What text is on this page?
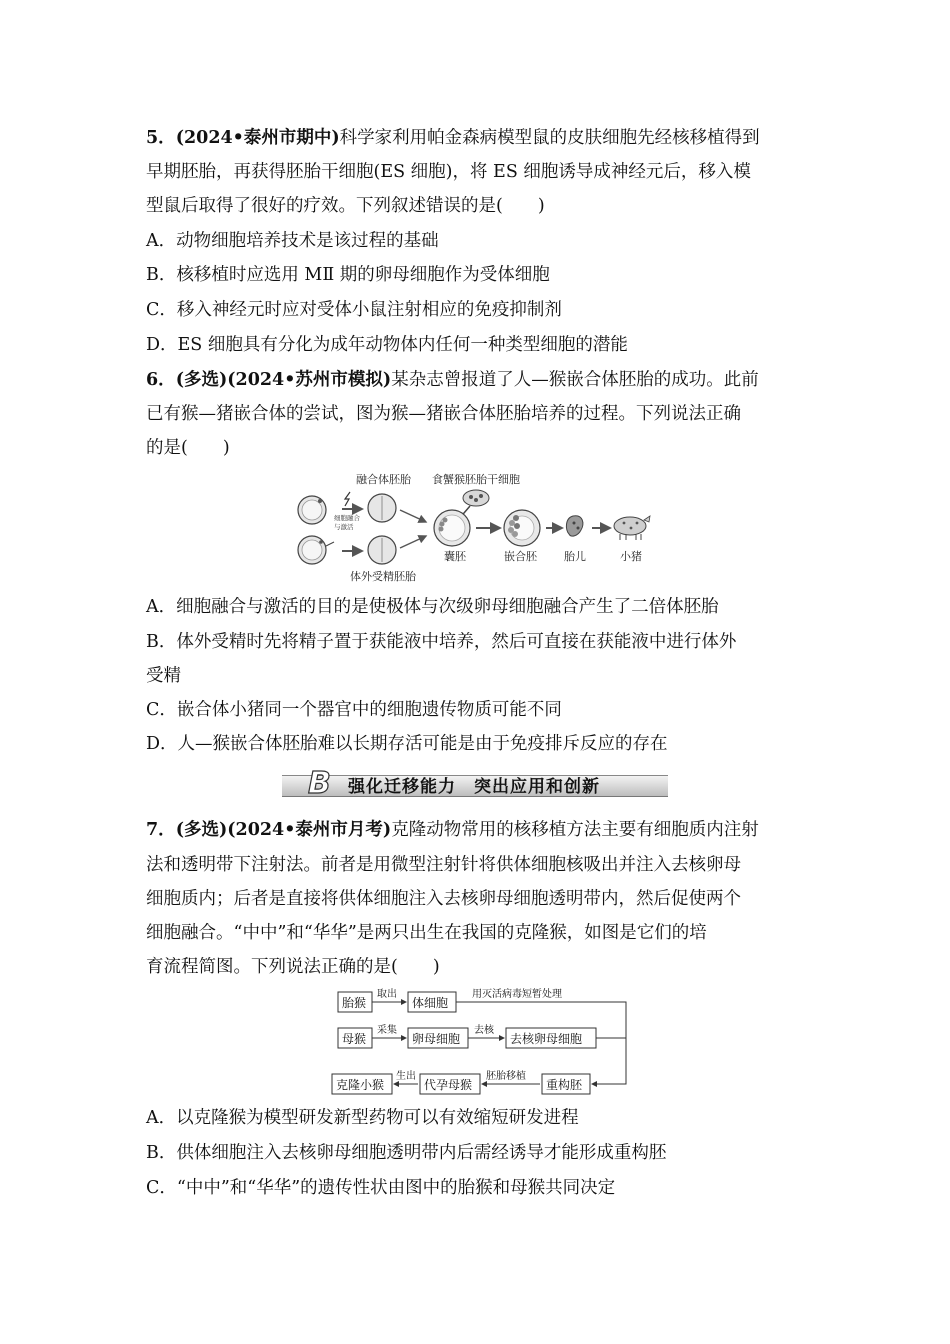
5．(2024•泰州市期中)科学家利用帕金森病模型鼠的皮肤细胞先经核移植得到
早期胚胎，再获得胚胎干细胞(ES 细胞)，将 ES 细胞诱导成神经元后，移入模
型鼠后取得了很好的疗效。下列叙述错误的是(　　)
A．动物细胞培养技术是该过程的基础
B．核移植时应选用 MⅡ 期的卵母细胞作为受体细胞
C．移入神经元时应对受体小鼠注射相应的免疫抑制剂
D．ES 细胞具有分化为成年动物体内任何一种类型细胞的潜能
6．(多选)(2024•苏州市模拟)某杂志曾报道了人—猴嵌合体胚胎的成功。此前
已有猴—猪嵌合体的尝试，图为猴—猪嵌合体胚胎培养的过程。下列说法正确
的是(　　)
细胞融合
与激活
融合体胚胎 食蟹猴胚胎干细胞
体外受精胚胎
囊胚	嵌合胚 胎儿	小猪
A．细胞融合与激活的目的是使极体与次级卵母细胞融合产生了二倍体胚胎
B．体外受精时先将精子置于获能液中培养，然后可直接在获能液中进行体外
受精
C．嵌合体小猪同一个器官中的细胞遗传物质可能不同
D．人—猴嵌合体胚胎难以长期存活可能是由于免疫排斥反应的存在
B 强化迁移能力　突出应用和创新
7．(多选)(2024•泰州市月考)克隆动物常用的核移植方法主要有细胞质内注射
法和透明带下注射法。前者是用微型注射针将供体细胞核吸出并注入去核卵母
细胞质内；后者是直接将供体细胞注入去核卵母细胞透明带内，然后促使两个
细胞融合。“中中”和“华华”是两只出生在我国的克隆猴，如图是它们的培
育流程简图。下列说法正确的是(　　)
胎猴
取出
体细胞
用灭活病毒短暂处理
母猴
采集
卵母细胞
去核
去核卵母细胞
克隆小猴
生出
代孕母猴
胚胎移植
重构胚
A．以克隆猴为模型研发新型药物可以有效缩短研发进程
B．供体细胞注入去核卵母细胞透明带内后需经诱导才能形成重构胚
C．“中中”和“华华”的遗传性状由图中的胎猴和母猴共同决定
